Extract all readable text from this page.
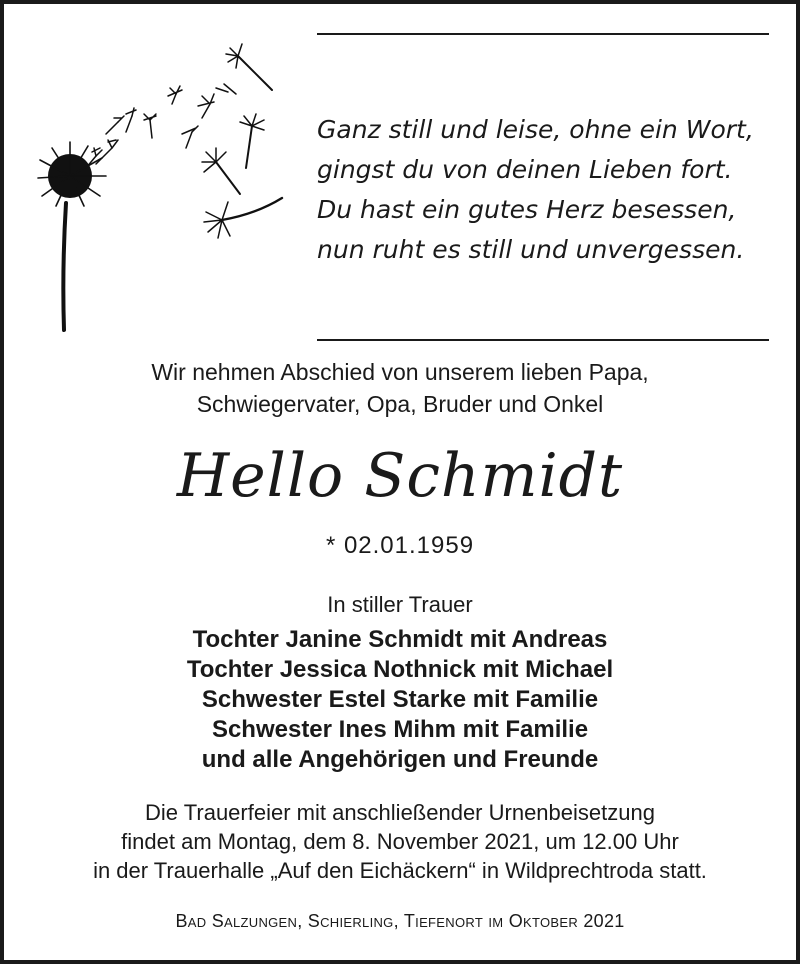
Ganz still und leise, ohne ein Wort,
gingst du von deinen Lieben fort.
Du hast ein gutes Herz besessen,
nun ruht es still und unvergessen.
Wir nehmen Abschied von unserem lieben Papa,
Schwiegervater, Opa, Bruder und Onkel
Hello Schmidt
* 02.01.1959
In stiller Trauer
Tochter Janine Schmidt mit Andreas
Tochter Jessica Nothnick mit Michael
Schwester Estel Starke mit Familie
Schwester Ines Mihm mit Familie
und alle Angehörigen und Freunde
Die Trauerfeier mit anschließender Urnenbeisetzung
findet am Montag, dem 8. November 2021, um 12.00 Uhr
in der Trauerhalle „Auf den Eichäckern“ in Wildprechtroda statt.
Bad Salzungen, Schierling, Tiefenort im Oktober 2021
